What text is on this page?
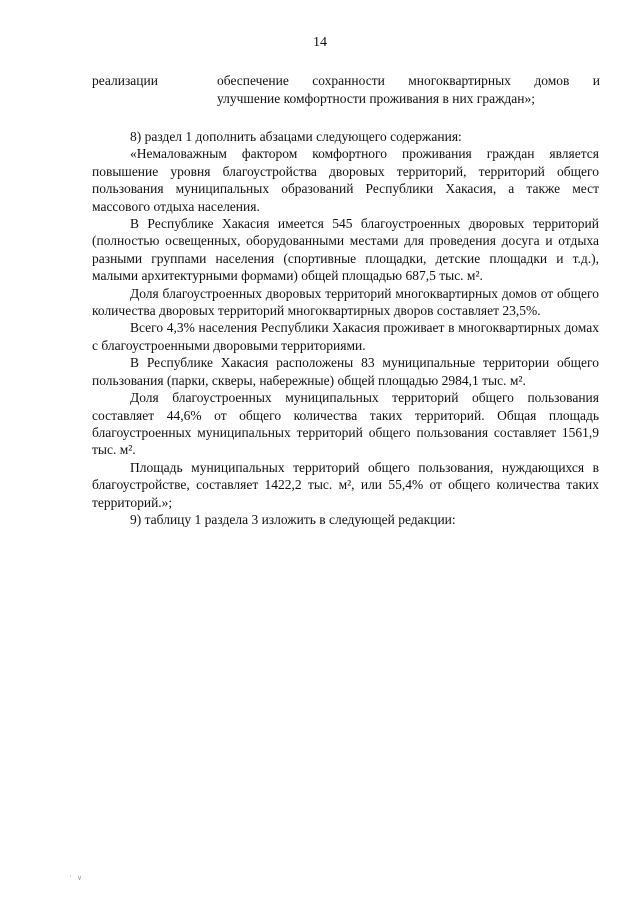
14
реализации	обеспечение сохранности многоквартирных домов и
улучшение комфортности проживания в них граждан»;

8) раздел 1 дополнить абзацами следующего содержания:

«Немаловажным фактором комфортного проживания граждан является повышение уровня благоустройства дворовых территорий, территорий общего пользования муниципальных образований Республики Хакасия, а также мест массового отдыха населения.

В Республике Хакасия имеется 545 благоустроенных дворовых территорий (полностью освещенных, оборудованными местами для проведения досуга и отдыха разными группами населения (спортивные площадки, детские площадки и т.д.), малыми архитектурными формами) общей площадью 687,5 тыс. м².

Доля благоустроенных дворовых территорий многоквартирных домов от общего количества дворовых территорий многоквартирных дворов составляет 23,5%.

Всего 4,3% населения Республики Хакасия проживает в многоквартирных домах с благоустроенными дворовыми территориями.

В Республике Хакасия расположены 83 муниципальные территории общего пользования (парки, скверы, набережные) общей площадью 2984,1 тыс. м².

Доля благоустроенных муниципальных территорий общего пользования составляет 44,6% от общего количества таких территорий. Общая площадь благоустроенных муниципальных территорий общего пользования составляет 1561,9 тыс. м².

Площадь муниципальных территорий общего пользования, нуждающихся в благоустройстве, составляет 1422,2 тыс. м², или 55,4% от общего количества таких территорий.»;

9) таблицу 1 раздела 3 изложить в следующей редакции:

' ∨
